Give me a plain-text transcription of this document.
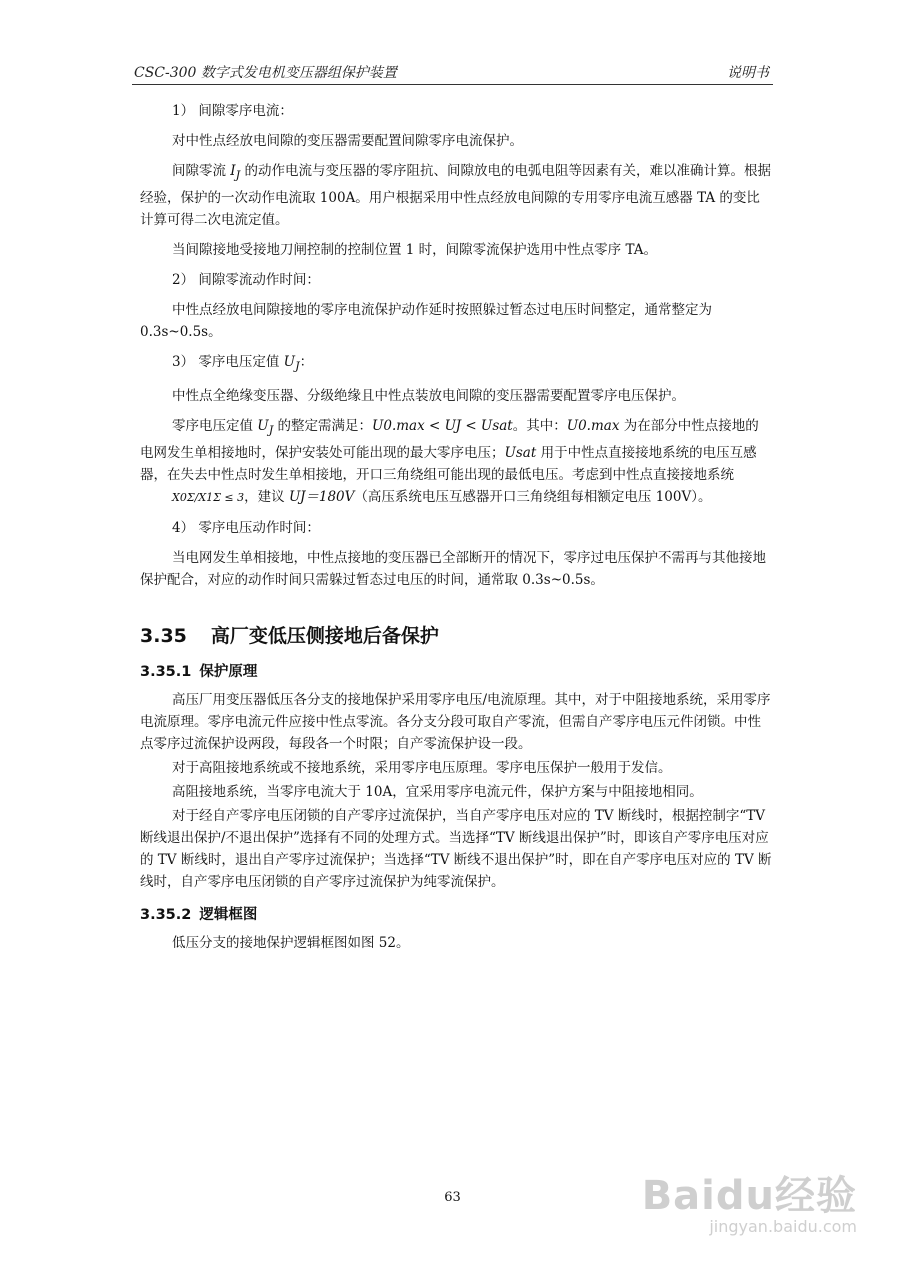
CSC-300 数字式发电机变压器组保护装置	说明书

1） 间隙零序电流：

对中性点经放电间隙的变压器需要配置间隙零序电流保护。

间隙零流 $I_J$ 的动作电流与变压器的零序阻抗、间隙放电的电弧电阻等因素有关，难以准确计算。根据经验，保护的一次动作电流取 100A。用户根据采用中性点经放电间隙的专用零序电流互感器 TA 的变比计算可得二次电流定值。

当间隙接地受接地刀闸控制的控制位置 1 时，间隙零流保护选用中性点零序 TA。

2） 间隙零流动作时间：

中性点经放电间隙接地的零序电流保护动作延时按照躲过暂态过电压时间整定，通常整定为 0.3s~0.5s。

3） 零序电压定值 $U_J$：

中性点全绝缘变压器、分级绝缘且中性点装放电间隙的变压器需要配置零序电压保护。

零序电压定值 $U_J$ 的整定需满足：U0.max < UJ < Usat。其中：U0.max 为在部分中性点接地的电网发生单相接地时，保护安装处可能出现的最大零序电压；Usat 用于中性点直接接地系统的电压互感器，在失去中性点时发生单相接地，开口三角绕组可能出现的最低电压。考虑到中性点直接接地系统X0Σ/X1Σ ≤ 3，建议 UJ＝180V（高压系统电压互感器开口三角绕组每相额定电压 100V）。

4） 零序电压动作时间：

当电网发生单相接地，中性点接地的变压器已全部断开的情况下，零序过电压保护不需再与其他接地保护配合，对应的动作时间只需躲过暂态过电压的时间，通常取 0.3s~0.5s。

3.35 高厂变低压侧接地后备保护
3.35.1 保护原理

高压厂用变压器低压各分支的接地保护采用零序电压/电流原理。其中，对于中阻接地系统，采用零序电流原理。零序电流元件应接中性点零流。各分支分段可取自产零流，但需自产零序电压元件闭锁。中性点零序过流保护设两段，每段各一个时限；自产零流保护设一段。

对于高阻接地系统或不接地系统，采用零序电压原理。零序电压保护一般用于发信。

高阻接地系统，当零序电流大于 10A，宜采用零序电流元件，保护方案与中阻接地相同。

对于经自产零序电压闭锁的自产零序过流保护，当自产零序电压对应的 TV 断线时，根据控制字“TV 断线退出保护/不退出保护”选择有不同的处理方式。当选择“TV 断线退出保护”时，即该自产零序电压对应的 TV 断线时，退出自产零序过流保护；当选择“TV 断线不退出保护”时，即在自产零序电压对应的 TV 断线时，自产零序电压闭锁的自产零序过流保护为纯零流保护。

3.35.2 逻辑框图

低压分支的接地保护逻辑框图如图 52。

63	Baidu经验
jingyan.baidu.com
